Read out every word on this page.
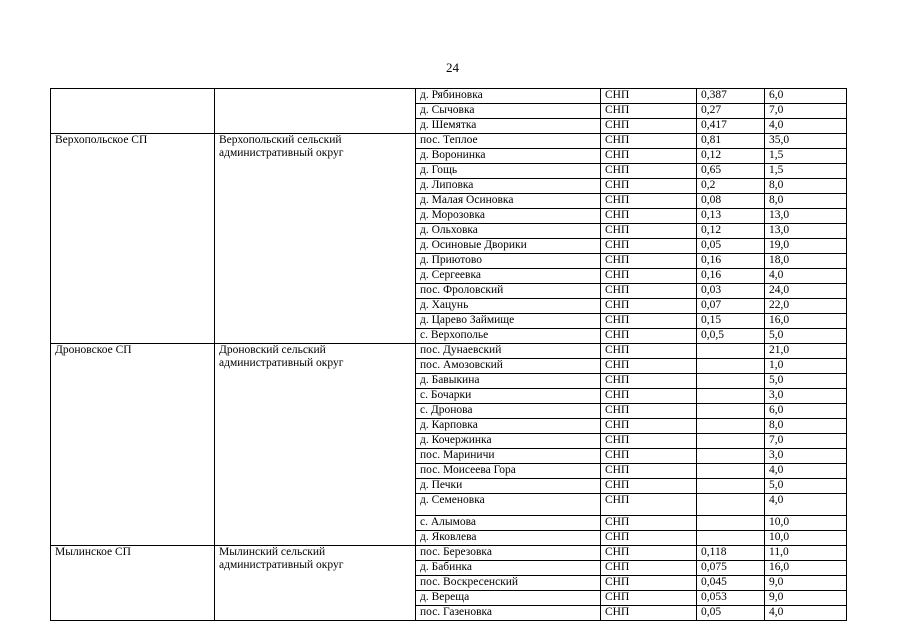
24
		д. Рябиновка	СНП	0,387	6,0
		д. Сычовка	СНП	0,27	7,0
		д. Шемятка	СНП	0,417	4,0
Верхопольское СП	Верхопольский сельский административный округ	пос. Теплое	СНП	0,81	35,0
		д. Воронинка	СНП	0,12	1,5
		д. Гощь	СНП	0,65	1,5
		д. Липовка	СНП	0,2	8,0
		д. Малая Осиновка	СНП	0,08	8,0
		д. Морозовка	СНП	0,13	13,0
		д. Ольховка	СНП	0,12	13,0
		д. Осиновые Дворики	СНП	0,05	19,0
		д. Приютово	СНП	0,16	18,0
		д. Сергеевка	СНП	0,16	4,0
		пос. Фроловский	СНП	0,03	24,0
		д. Хацунь	СНП	0,07	22,0
		д. Царево Займище	СНП	0,15	16,0
		с. Верхополье	СНП	0,0,5	5,0
Дроновское СП	Дроновский сельский административный округ	пос. Дунаевский	СНП		21,0
		пос. Амозовский	СНП		1,0
		д. Бавыкина	СНП		5,0
		с. Бочарки	СНП		3,0
		с. Дронова	СНП		6,0
		д. Карповка	СНП		8,0
		д. Кочержинка	СНП		7,0
		пос. Мариничи	СНП		3,0
		пос. Моисеева Гора	СНП		4,0
		д. Печки	СНП		5,0
		д. Семеновка	СНП		4,0
		с. Алымова	СНП		10,0
		д. Яковлева	СНП		10,0
Мылинское СП	Мылинский сельский административный округ	пос. Березовка	СНП	0,118	11,0
		д. Бабинка	СНП	0,075	16,0
		пос. Воскресенский	СНП	0,045	9,0
		д. Вереща	СНП	0,053	9,0
		пос. Газеновка	СНП	0,05	4,0
